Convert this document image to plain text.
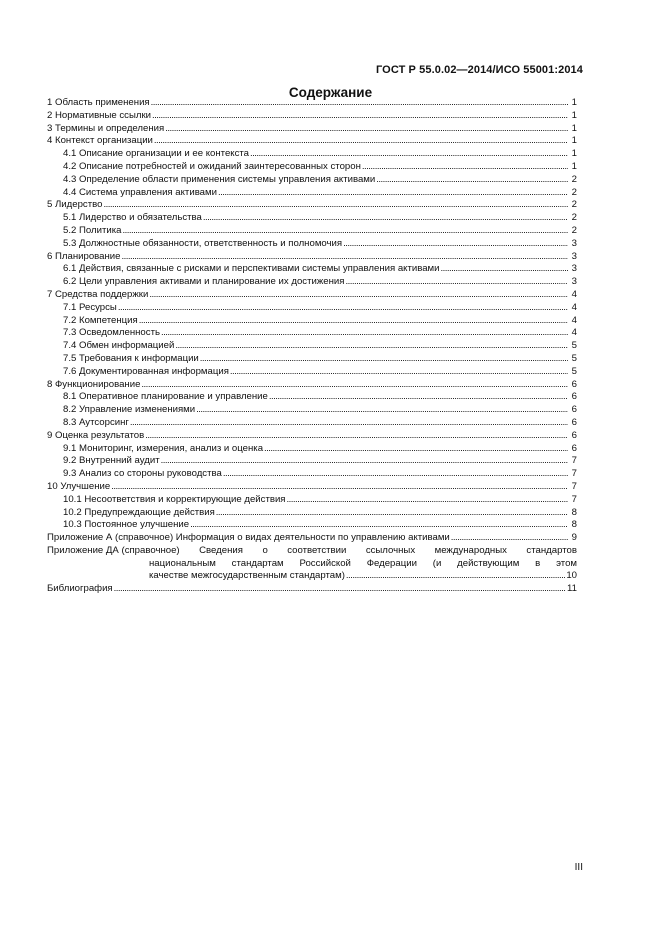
ГОСТ Р 55.0.02—2014/ИСО 55001:2014
Содержание
1 Область применения . . .	1
2 Нормативные ссылки . . .	1
3 Термины и определения . . .	1
4 Контекст организации . . .	1
4.1 Описание организации и ее контекста . . .	1
4.2 Описание потребностей и ожиданий заинтересованных сторон . . .	1
4.3 Определение области применения системы управления активами . . .	2
4.4 Система управления активами . . .	2
5 Лидерство . . .	2
5.1 Лидерство и обязательства . . .	2
5.2 Политика . . .	2
5.3 Должностные обязанности, ответственность и полномочия . . .	3
6 Планирование . . .	3
6.1 Действия, связанные с рисками и перспективами системы управления активами . . .	3
6.2 Цели управления активами и планирование их достижения . . .	3
7 Средства поддержки . . .	4
7.1 Ресурсы . . .	4
7.2 Компетенция . . .	4
7.3 Осведомленность . . .	4
7.4 Обмен информацией . . .	5
7.5 Требования к информации . . .	5
7.6 Документированная информация . . .	5
8 Функционирование . . .	6
8.1 Оперативное планирование и управление . . .	6
8.2 Управление изменениями . . .	6
8.3 Аутсорсинг . . .	6
9 Оценка результатов . . .	6
9.1 Мониторинг, измерения, анализ и оценка . . .	6
9.2 Внутренний аудит . . .	7
9.3 Анализ со стороны руководства . . .	7
10 Улучшение . . .	7
10.1 Несоответствия и корректирующие действия . . .	7
10.2 Предупреждающие действия . . .	8
10.3 Постоянное улучшение . . .	8
Приложение А (справочное) Информация о видах деятельности по управлению активами . . .	9
Приложение ДА (справочное) Сведения о соответствии ссылочных международных стандартов
национальным стандартам Российской Федерации (и действующим в этом
качестве межгосударственным стандартам) . . .	10
Библиография . . .	11
III
